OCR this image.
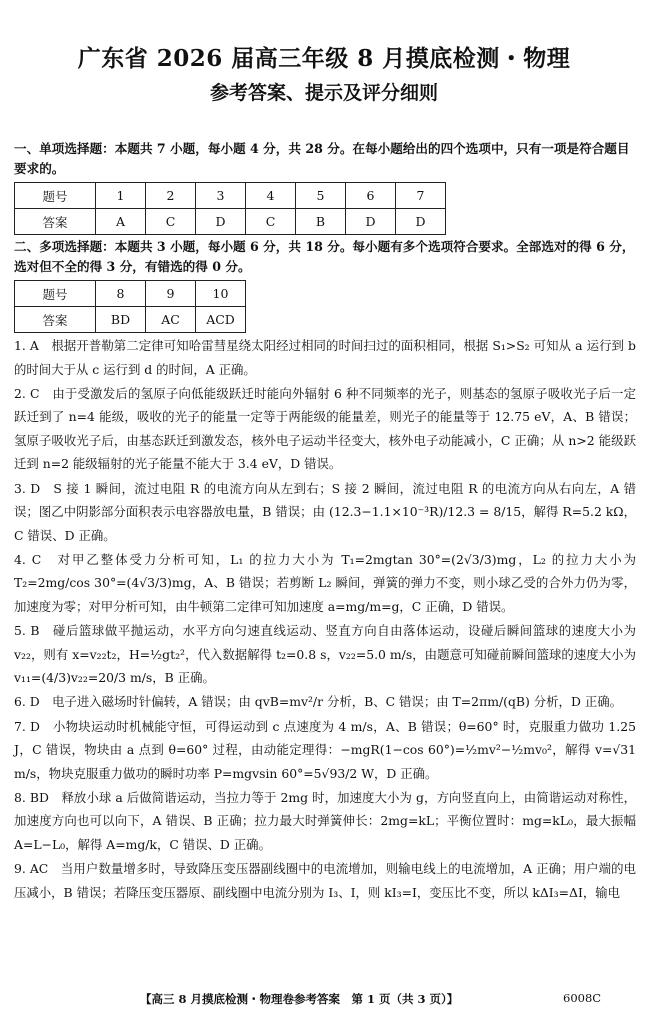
广东省 2026 届高三年级 8 月摸底检测・物理
参考答案、提示及评分细则
一、单项选择题：本题共 7 小题，每小题 4 分，共 28 分。在每小题给出的四个选项中，只有一项是符合题目要求的。
题号	1	2	3	4	5	6	7
答案	A	C	D	C	B	D	D
二、多项选择题：本题共 3 小题，每小题 6 分，共 18 分。每小题有多个选项符合要求。全部选对的得 6 分，选对但不全的得 3 分，有错选的得 0 分。
题号	8	9	10
答案	BD	AC	ACD
1. A　 根据开普勒第二定律可知哈雷彗星绕太阳经过相同的时间扫过的面积相同，根据 S₁>S₂ 可知从 a 运行到 b 的时间大于从 c 运行到 d 的时间，A 正确。
2. C　 由于受激发后的氢原子向低能级跃迁时能向外辐射 6 种不同频率的光子，则基态的氢原子吸收光子后一定跃迁到了 n=4 能级，吸收的光子的能量一定等于两能级的能量差，则光子的能量等于 12.75 eV，A、B 错误；氢原子吸收光子后，由基态跃迁到激发态，核外电子运动半径变大，核外电子动能减小，C 正确；从 n>2 能级跃迁到 n=2 能级辐射的光子能量不能大于 3.4 eV，D 错误。
3. D　 S 接 1 瞬间，流过电阻 R 的电流方向从左到右；S 接 2 瞬间，流过电阻 R 的电流方向从右向左，A 错误；图乙中阴影部分面积表示电容器放电量，B 错误；由 (12.3−1.1×10⁻³R)/12.3 = 8/15，解得 R=5.2 kΩ，C 错误、D 正确。
4. C　 对甲乙整体受力分析可知，L₁ 的拉力大小为 T₁=2mgtan 30°=(2√3/3)mg，L₂ 的拉力大小为 T₂=2mg/cos 30°=(4√3/3)mg，A、B 错误；若剪断 L₂ 瞬间，弹簧的弹力不变，则小球乙受的合外力仍为零，加速度为零；对甲分析可知，由牛顿第二定律可知加速度 a=mg/m=g，C 正确，D 错误。
5. B　 碰后篮球做平抛运动，水平方向匀速直线运动、竖直方向自由落体运动，设碰后瞬间篮球的速度大小为 v₂₂，则有 x=v₂₂t₂，H=½gt₂²，代入数据解得 t₂=0.8 s，v₂₂=5.0 m/s，由题意可知碰前瞬间篮球的速度大小为 v₁₁=(4/3)v₂₂=20/3 m/s，B 正确。
6. D　 电子进入磁场时针偏转，A 错误；由 qvB=mv²/r 分析，B、C 错误；由 T=2πm/(qB) 分析，D 正确。
7. D　 小物块运动时机械能守恒，可得运动到 c 点速度为 4 m/s，A、B 错误；θ=60° 时，克服重力做功 1.25 J，C 错误，物块由 a 点到 θ=60° 过程，由动能定理得：−mgR(1−cos 60°)=½mv²−½mv₀²，解得 v=√31 m/s，物块克服重力做功的瞬时功率 P=mgvsin 60°=5√93/2 W，D 正确。
8. BD　 释放小球 a 后做简谐运动，当拉力等于 2mg 时，加速度大小为 g，方向竖直向上，由简谐运动对称性，加速度方向也可以向下，A 错误、B 正确；拉力最大时弹簧伸长：2mg=kL；平衡位置时：mg=kL₀，最大振幅 A=L−L₀，解得 A=mg/k，C 错误、D 正确。
9. AC　 当用户数量增多时，导致降压变压器副线圈中的电流增加，则输电线上的电流增加，A 正确；用户端的电压减小，B 错误；若降压变压器原、副线圈中电流分别为 I₃、I，则 kI₃=I，变压比不变，所以 kΔI₃=ΔI，输电
【高三 8 月摸底检测・物理卷参考答案　第 1 页（共 3 页）】	6008C
